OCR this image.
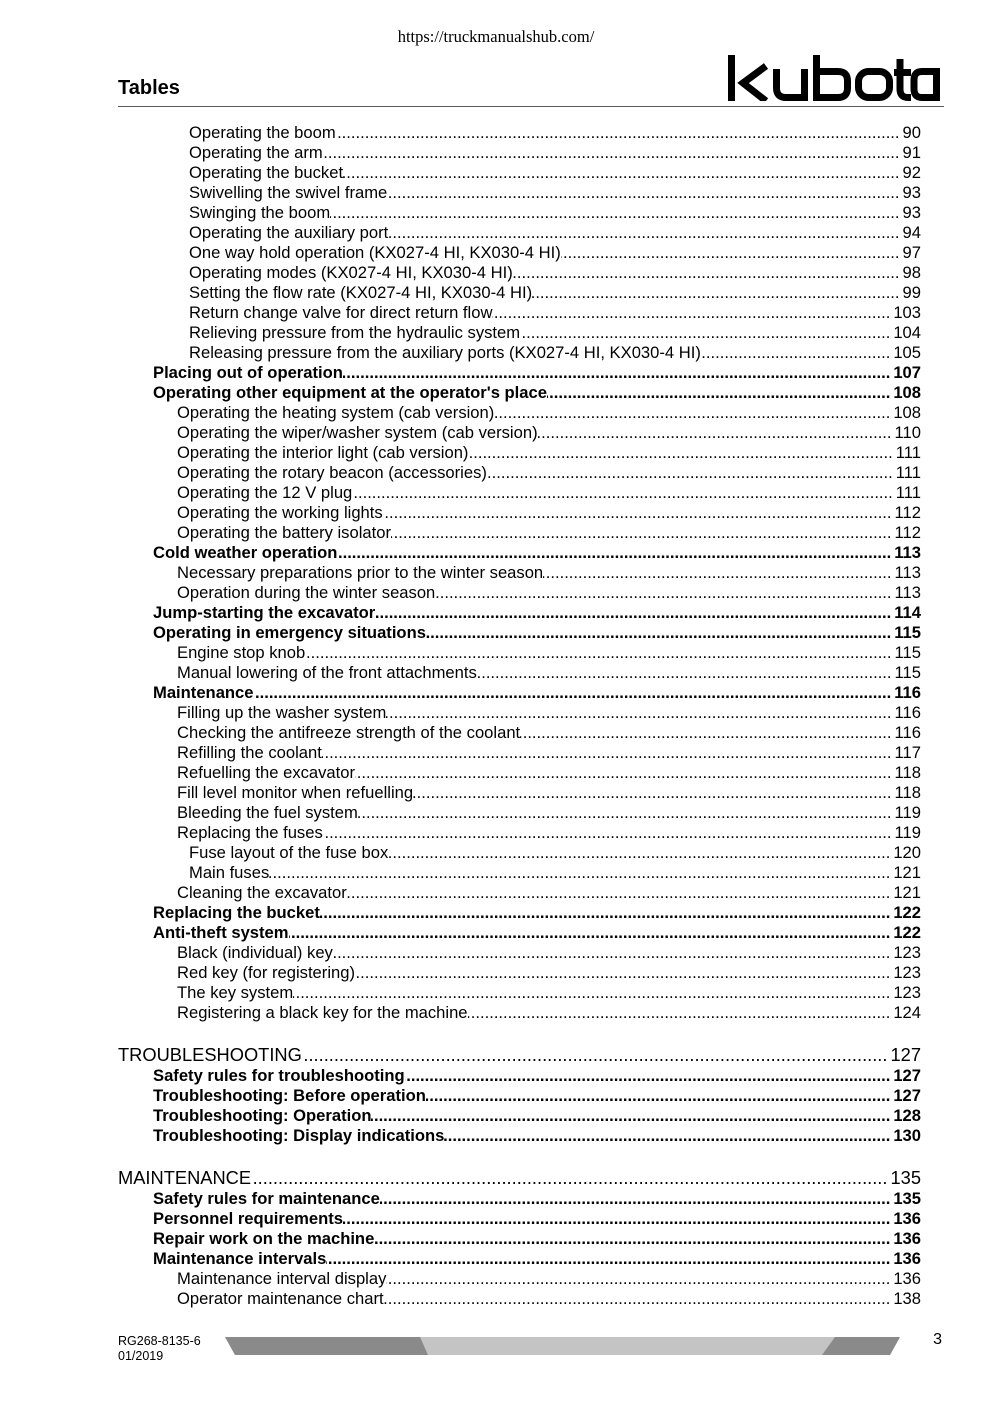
https://truckmanualshub.com/
Tables
Operating the boom .....	90
Operating the arm .....	91
Operating the bucket .....	92
Swivelling the swivel frame .....	93
Swinging the boom .....	93
Operating the auxiliary port .....	94
One way hold operation (KX027-4 HI, KX030-4 HI) .....	97
Operating modes (KX027-4 HI, KX030-4 HI) .....	98
Setting the flow rate (KX027-4 HI, KX030-4 HI) .....	99
Return change valve for direct return flow .....	103
Relieving pressure from the hydraulic system .....	104
Releasing pressure from the auxiliary ports (KX027-4 HI, KX030-4 HI) .....	105
Placing out of operation .....	107
Operating other equipment at the operator's place .....	108
Operating the heating system (cab version) .....	108
Operating the wiper/washer system (cab version) .....	110
Operating the interior light (cab version) .....	111
Operating the rotary beacon (accessories) .....	111
Operating the 12 V plug .....	111
Operating the working lights .....	112
Operating the battery isolator .....	112
Cold weather operation .....	113
Necessary preparations prior to the winter season .....	113
Operation during the winter season .....	113
Jump-starting the excavator .....	114
Operating in emergency situations .....	115
Engine stop knob .....	115
Manual lowering of the front attachments .....	115
Maintenance .....	116
Filling up the washer system .....	116
Checking the antifreeze strength of the coolant .....	116
Refilling the coolant .....	117
Refuelling the excavator .....	118
Fill level monitor when refuelling .....	118
Bleeding the fuel system .....	119
Replacing the fuses .....	119
Fuse layout of the fuse box .....	120
Main fuses .....	121
Cleaning the excavator .....	121
Replacing the bucket .....	122
Anti-theft system .....	122
Black (individual) key .....	123
Red key (for registering) .....	123
The key system .....	123
Registering a black key for the machine .....	124
TROUBLESHOOTING .....	127
Safety rules for troubleshooting .....	127
Troubleshooting: Before operation .....	127
Troubleshooting: Operation .....	128
Troubleshooting: Display indications .....	130
MAINTENANCE .....	135
Safety rules for maintenance .....	135
Personnel requirements .....	136
Repair work on the machine .....	136
Maintenance intervals .....	136
Maintenance interval display .....	136
Operator maintenance chart .....	138
RG268-8135-6
01/2019
3
